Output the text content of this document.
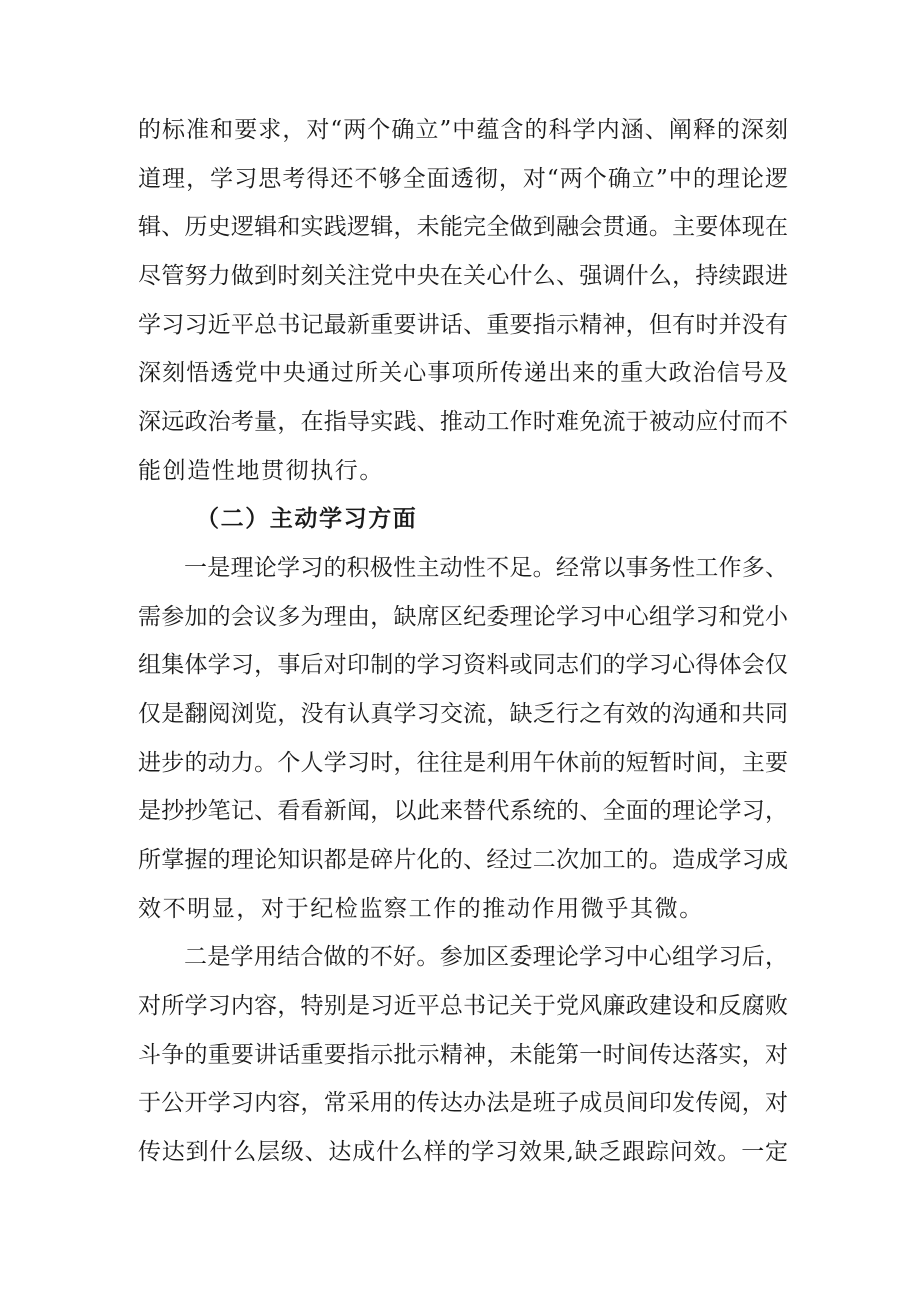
的标准和要求，对“两个确立”中蕴含的科学内涵、阐释的深刻
道理，学习思考得还不够全面透彻，对“两个确立”中的理论逻
辑、历史逻辑和实践逻辑，未能完全做到融会贯通。主要体现在
尽管努力做到时刻关注党中央在关心什么、强调什么，持续跟进
学习习近平总书记最新重要讲话、重要指示精神，但有时并没有
深刻悟透党中央通过所关心事项所传递出来的重大政治信号及
深远政治考量，在指导实践、推动工作时难免流于被动应付而不
能创造性地贯彻执行。
（二）主动学习方面
一是理论学习的积极性主动性不足。经常以事务性工作多、
需参加的会议多为理由，缺席区纪委理论学习中心组学习和党小
组集体学习，事后对印制的学习资料或同志们的学习心得体会仅
仅是翻阅浏览，没有认真学习交流，缺乏行之有效的沟通和共同
进步的动力。个人学习时，往往是利用午休前的短暂时间，主要
是抄抄笔记、看看新闻，以此来替代系统的、全面的理论学习，
所掌握的理论知识都是碎片化的、经过二次加工的。造成学习成
效不明显，对于纪检监察工作的推动作用微乎其微。
二是学用结合做的不好。参加区委理论学习中心组学习后，
对所学习内容，特别是习近平总书记关于党风廉政建设和反腐败
斗争的重要讲话重要指示批示精神，未能第一时间传达落实，对
于公开学习内容，常采用的传达办法是班子成员间印发传阅，对
传达到什么层级、达成什么样的学习效果,缺乏跟踪问效。一定
